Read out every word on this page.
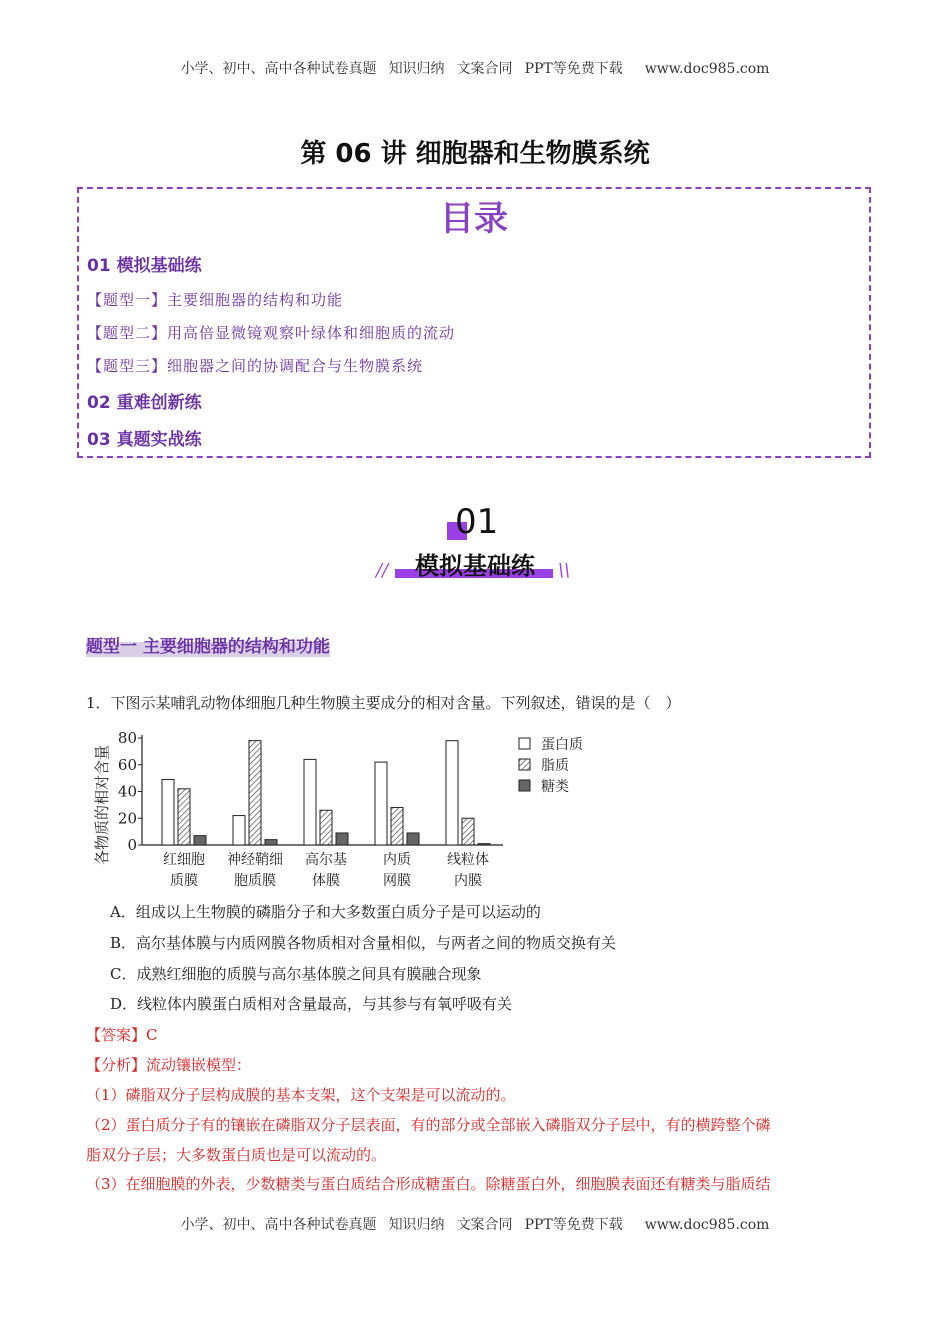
小学、初中、高中各种试卷真题 知识归纳 文案合同 PPT等免费下载 www.doc985.com
第 06 讲 细胞器和生物膜系统
目录
01 模拟基础练
【题型一】主要细胞器的结构和功能
【题型二】用高倍显微镜观察叶绿体和细胞质的流动
【题型三】细胞器之间的协调配合与生物膜系统
02 重难创新练
03 真题实战练
01
模拟基础练
//	\\
题型一 主要细胞器的结构和功能
1．下图示某哺乳动物体细胞几种生物膜主要成分的相对含量。下列叙述，错误的是（　）
各物质的相对含量 0
20
40
60
80
红细胞
质膜
神经鞘细
胞质膜
高尔基
体膜
内质
网膜
线粒体
内膜
蛋白质
脂质
糖类
A．组成以上生物膜的磷脂分子和大多数蛋白质分子是可以运动的
B．高尔基体膜与内质网膜各物质相对含量相似，与两者之间的物质交换有关
C．成熟红细胞的质膜与高尔基体膜之间具有膜融合现象
D．线粒体内膜蛋白质相对含量最高，与其参与有氧呼吸有关
【答案】C
【分析】流动镶嵌模型：
（1）磷脂双分子层构成膜的基本支架，这个支架是可以流动的。
（2）蛋白质分子有的镶嵌在磷脂双分子层表面，有的部分或全部嵌入磷脂双分子层中，有的横跨整个磷
脂双分子层；大多数蛋白质也是可以流动的。
（3）在细胞膜的外表，少数糖类与蛋白质结合形成糖蛋白。除糖蛋白外，细胞膜表面还有糖类与脂质结
小学、初中、高中各种试卷真题 知识归纳 文案合同 PPT等免费下载 www.doc985.com
